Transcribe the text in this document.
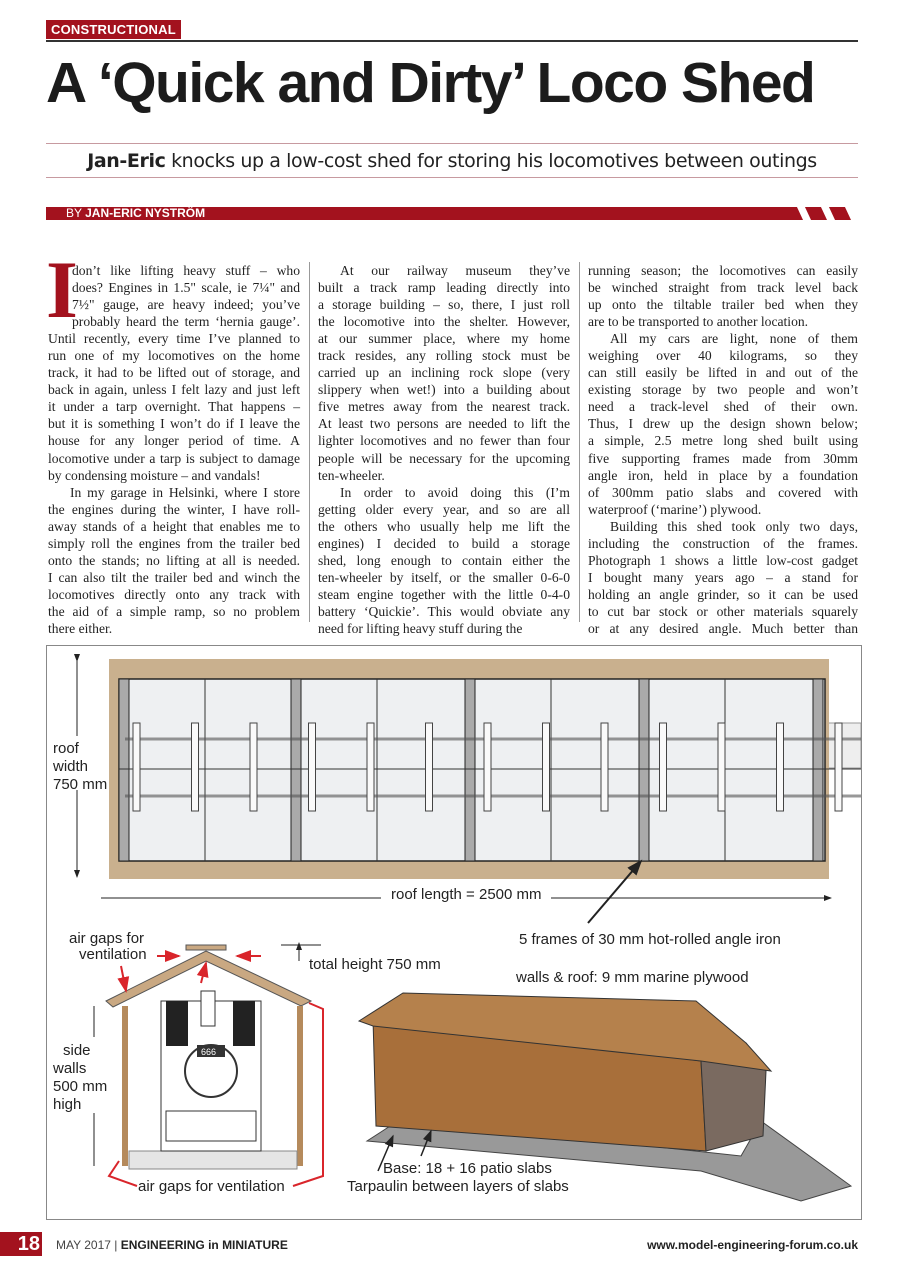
CONSTRUCTIONAL
A ‘Quick and Dirty’ Loco Shed
Jan-Eric knocks up a low-cost shed for storing his locomotives between outings
BY JAN-ERIC NYSTRÖM
I
don’t like lifting heavy stuff – who
does? Engines in 1.5" scale, ie 7¼" and
7½" gauge, are heavy indeed; you’ve
probably heard the term ‘hernia gauge’.
Until recently, every time I’ve planned to
run one of my locomotives on the home
track, it had to be lifted out of storage, and
back in again, unless I felt lazy and just left
it under a tarp overnight. That happens –
but it is something I won’t do if I leave the
house for any longer period of time. A
locomotive under a tarp is subject to damage
by condensing moisture – and vandals!
In my garage in Helsinki, where I store
the engines during the winter, I have roll-
away stands of a height that enables me to
simply roll the engines from the trailer bed
onto the stands; no lifting at all is needed.
I can also tilt the trailer bed and winch the
locomotives directly onto any track with
the aid of a simple ramp, so no problem
there either.
At our railway museum they’ve
built a track ramp leading directly into
a storage building – so, there, I just roll
the locomotive into the shelter. However,
at our summer place, where my home
track resides, any rolling stock must be
carried up an inclining rock slope (very
slippery when wet!) into a building about
five metres away from the nearest track.
At least two persons are needed to lift the
lighter locomotives and no fewer than four
people will be necessary for the upcoming
ten-wheeler.
In order to avoid doing this (I’m
getting older every year, and so are all
the others who usually help me lift the
engines) I decided to build a storage
shed, long enough to contain either the
ten-wheeler by itself, or the smaller 0-6-0
steam engine together with the little 0-4-0
battery ‘Quickie’. This would obviate any
need for lifting heavy stuff during the
running season; the locomotives can easily
be winched straight from track level back
up onto the tiltable trailer bed when they
are to be transported to another location.
All my cars are light, none of them
weighing over 40 kilograms, so they
can still easily be lifted in and out of the
existing storage by two people and won’t
need a track-level shed of their own.
Thus, I drew up the design shown below;
a simple, 2.5 metre long shed built using
five supporting frames made from 30mm
angle iron, held in place by a foundation
of 300mm patio slabs and covered with
waterproof (‘marine’) plywood.
Building this shed took only two days,
including the construction of the frames.
Photograph 1 shows a little low-cost gadget
I bought many years ago – a stand for
holding an angle grinder, so it can be used
to cut bar stock or other materials squarely
or at any desired angle. Much better than
roof
width
750 mm
roof length = 2500 mm
5 frames of 30 mm hot-rolled angle iron
walls & roof: 9 mm marine plywood
666
air gaps for
ventilation
total height 750 mm
side
walls
500 mm
high
air gaps for ventilation
Base: 18 + 16 patio slabs
Tarpaulin between layers of slabs
18 MAY 2017 | ENGINEERING in MINIATURE	www.model-engineering-forum.co.uk
